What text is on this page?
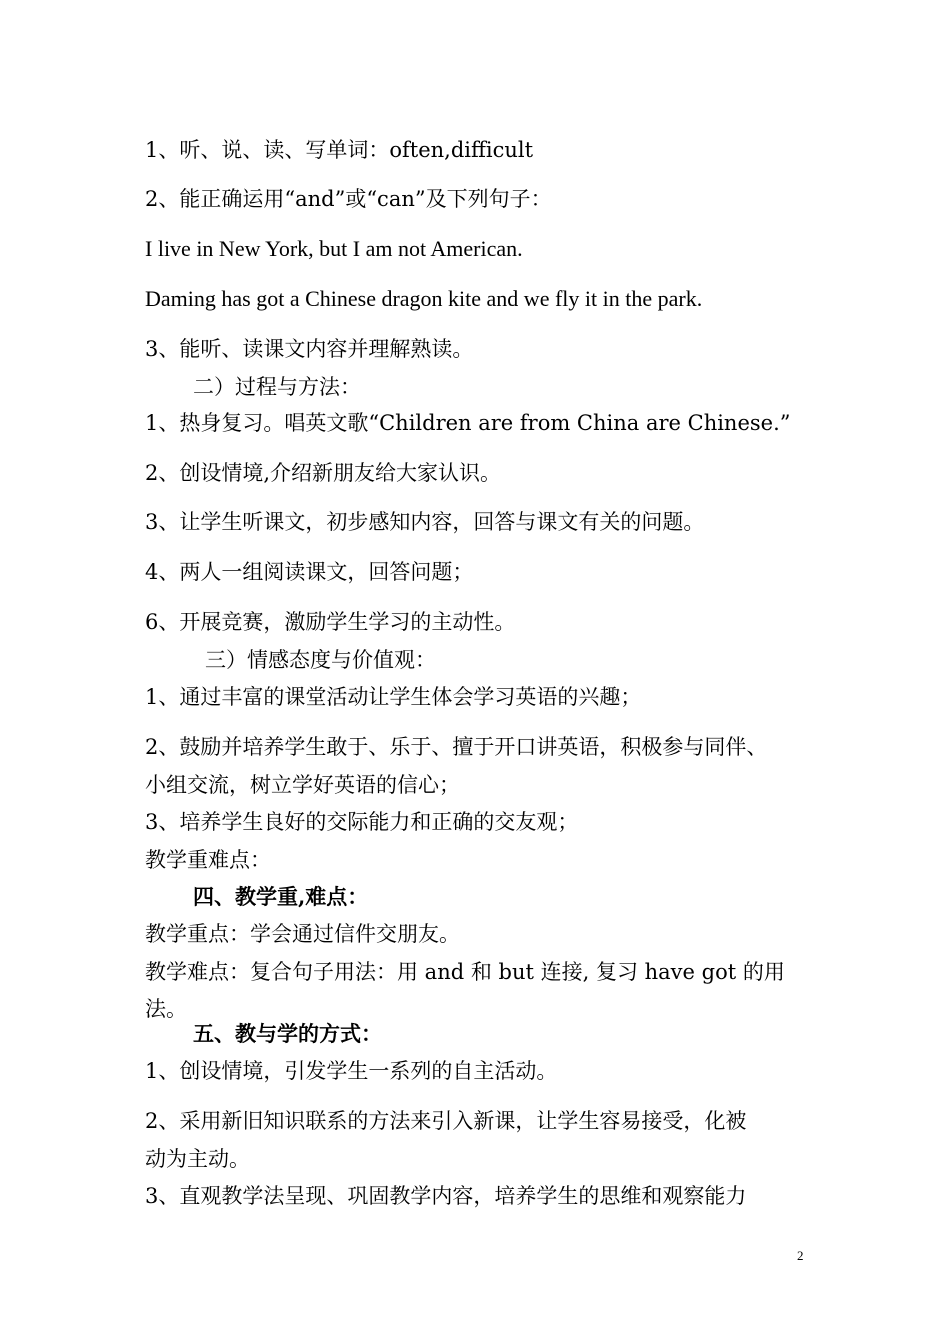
1、听、说、读、写单词：often,difficult
2、能正确运用“and”或“can”及下列句子：
I live in New York, but I am not American.
Daming has got a Chinese dragon kite and we fly it in the park.
3、能听、读课文内容并理解熟读。
二）过程与方法：
1、热身复习。唱英文歌“Children are from China are Chinese.”
2、创设情境,介绍新朋友给大家认识。
3、让学生听课文，初步感知内容，回答与课文有关的问题。
4、两人一组阅读课文，回答问题；
6、开展竞赛，激励学生学习的主动性。
三）情感态度与价值观：
1、通过丰富的课堂活动让学生体会学习英语的兴趣；
2、鼓励并培养学生敢于、乐于、擅于开口讲英语，积极参与同伴、
小组交流，树立学好英语的信心；
3、培养学生良好的交际能力和正确的交友观；
教学重难点：
四、教学重,难点：
教学重点：学会通过信件交朋友。
教学难点：复合句子用法：用 and 和 but 连接, 复习 have got 的用
法。
五、教与学的方式：
1、创设情境，引发学生一系列的自主活动。
2、采用新旧知识联系的方法来引入新课，让学生容易接受，化被
动为主动。
3、直观教学法呈现、巩固教学内容，培养学生的思维和观察能力
2
